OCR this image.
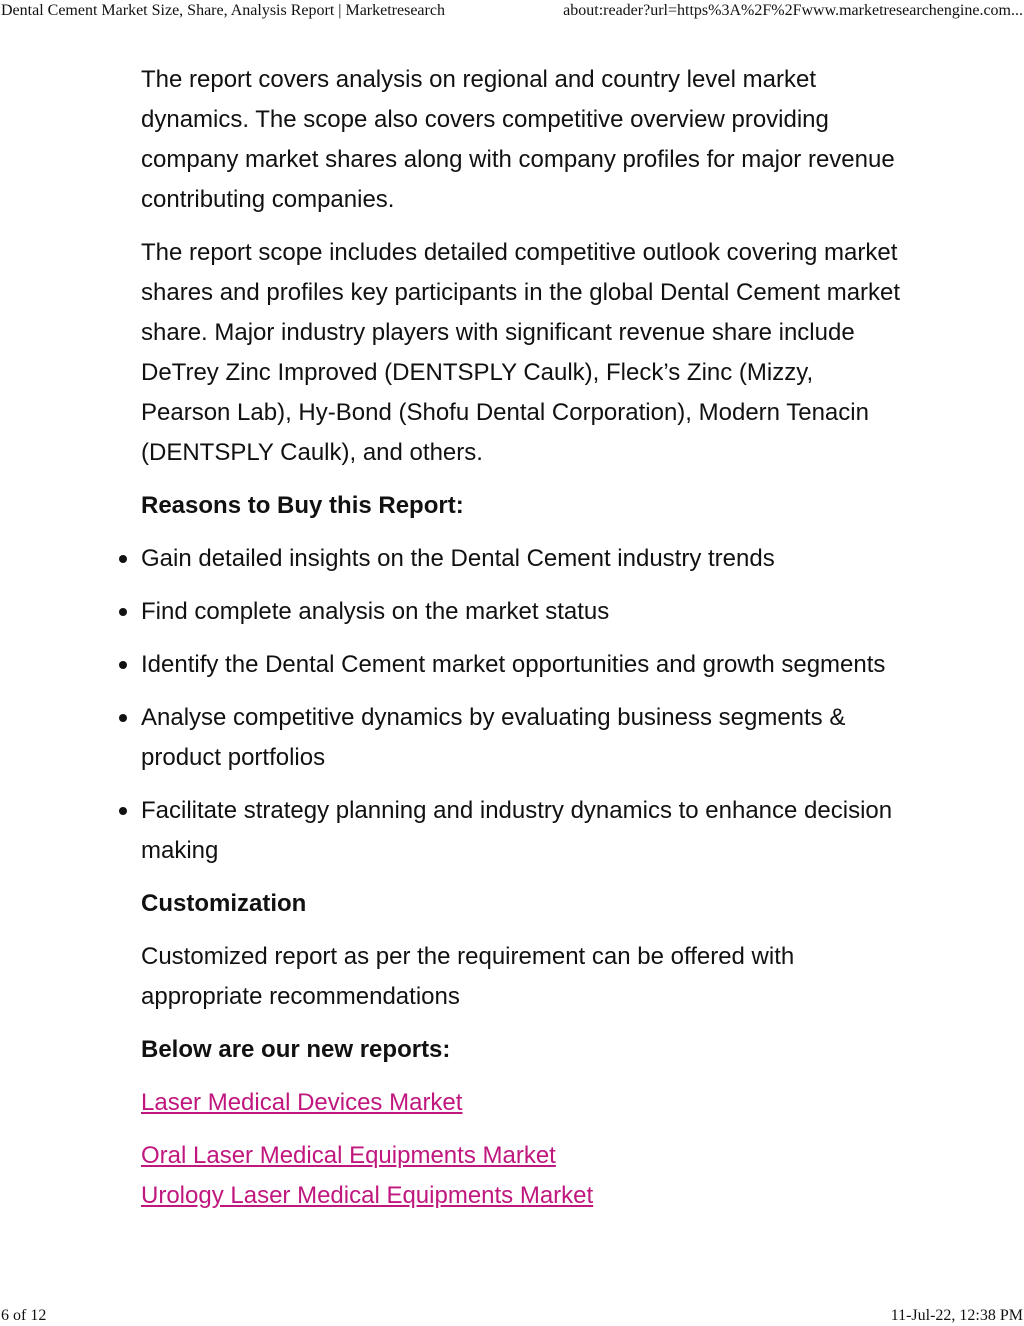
Dental Cement Market Size, Share, Analysis Report | Marketresearch	about:reader?url=https%3A%2F%2Fwww.marketresearchengine.com...

The report covers analysis on regional and country level market dynamics. The scope also covers competitive overview providing company market shares along with company profiles for major revenue contributing companies.

The report scope includes detailed competitive outlook covering market shares and profiles key participants in the global Dental Cement market share. Major industry players with significant revenue share include DeTrey Zinc Improved (DENTSPLY Caulk), Fleck’s Zinc (Mizzy, Pearson Lab), Hy-Bond (Shofu Dental Corporation), Modern Tenacin (DENTSPLY Caulk), and others.

Reasons to Buy this Report:

Gain detailed insights on the Dental Cement industry trends
Find complete analysis on the market status
Identify the Dental Cement market opportunities and growth segments
Analyse competitive dynamics by evaluating business segments & product portfolios
Facilitate strategy planning and industry dynamics to enhance decision making

Customization

Customized report as per the requirement can be offered with appropriate recommendations

Below are our new reports:

Laser Medical Devices Market

Oral Laser Medical Equipments Market

Urology Laser Medical Equipments Market

6 of 12	11-Jul-22, 12:38 PM
